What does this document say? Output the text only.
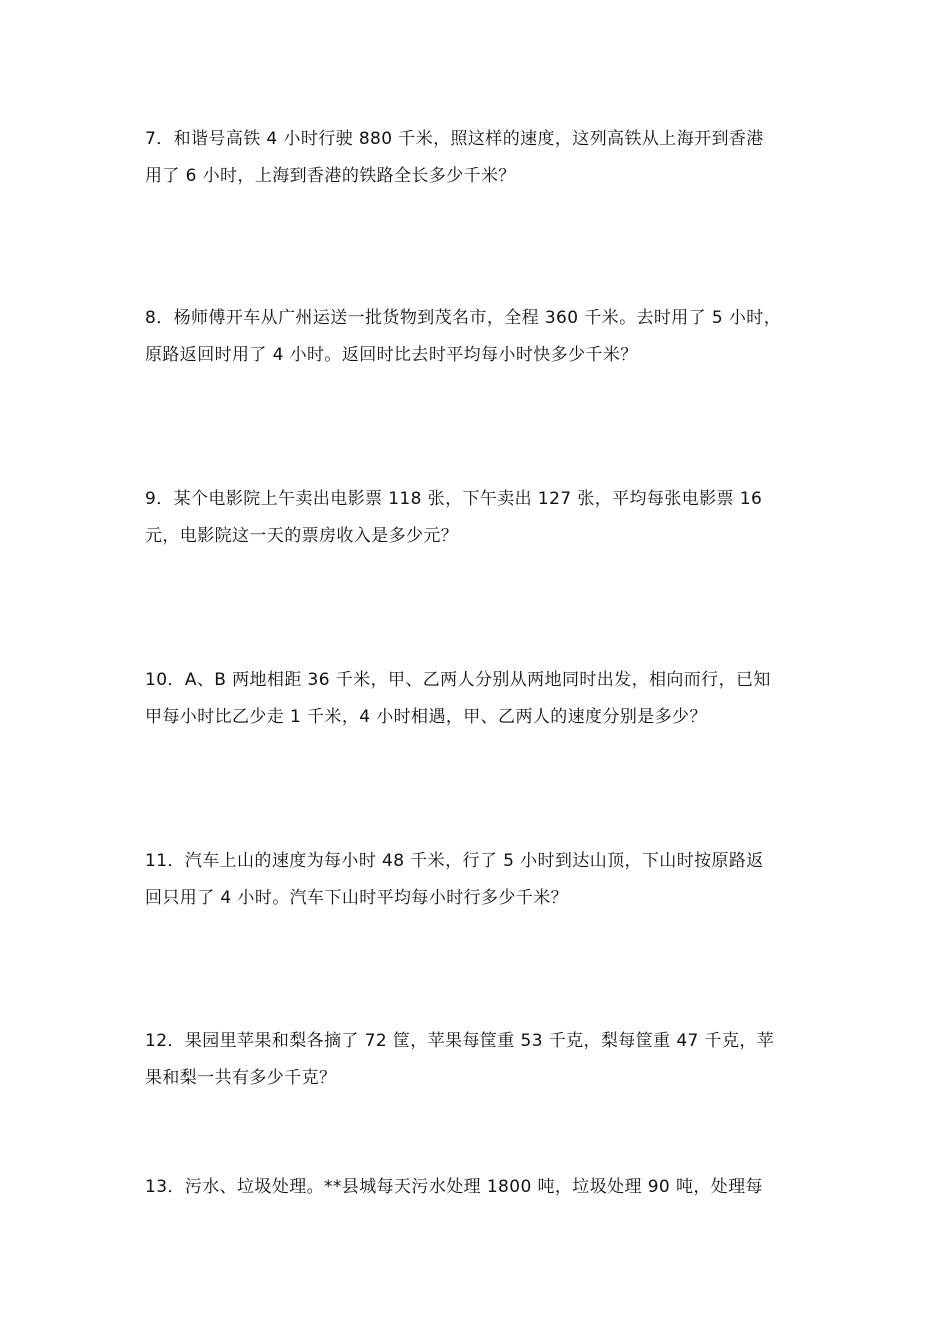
7．和谐号高铁 4 小时行驶 880 千米，照这样的速度，这列高铁从上海开到香港
用了 6 小时，上海到香港的铁路全长多少千米？
8．杨师傅开车从广州运送一批货物到茂名市，全程 360 千米。去时用了 5 小时，
原路返回时用了 4 小时。返回时比去时平均每小时快多少千米？
9．某个电影院上午卖出电影票 118 张，下午卖出 127 张，平均每张电影票 16
元，电影院这一天的票房收入是多少元？
10．A、B 两地相距 36 千米，甲、乙两人分别从两地同时出发，相向而行，已知
甲每小时比乙少走 1 千米，4 小时相遇，甲、乙两人的速度分别是多少？
11．汽车上山的速度为每小时 48 千米，行了 5 小时到达山顶，下山时按原路返
回只用了 4 小时。汽车下山时平均每小时行多少千米？
12．果园里苹果和梨各摘了 72 筐，苹果每筐重 53 千克，梨每筐重 47 千克，苹
果和梨一共有多少千克？
13．污水、垃圾处理。**县城每天污水处理 1800 吨，垃圾处理 90 吨，处理每
